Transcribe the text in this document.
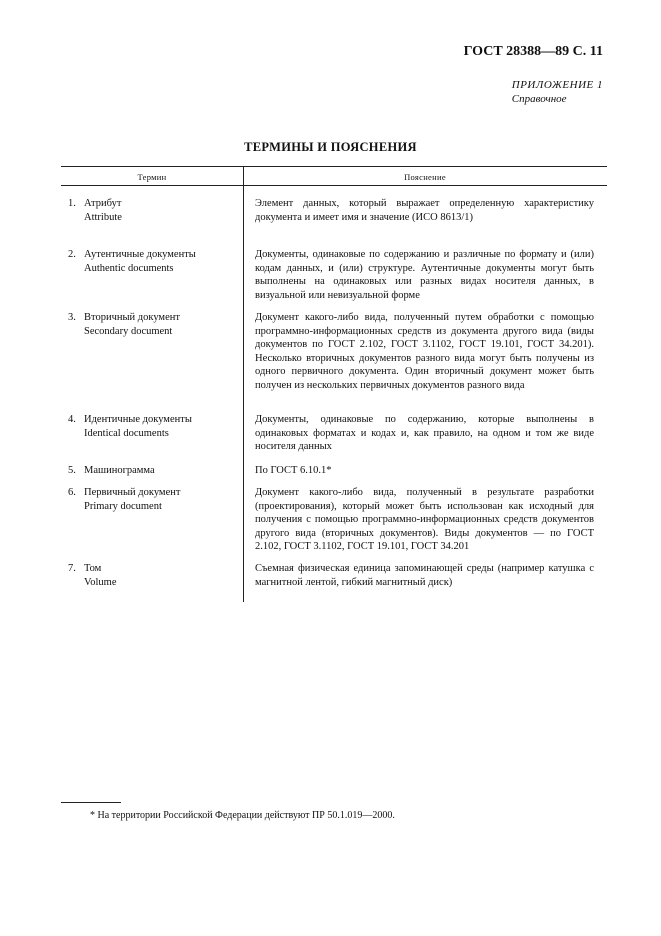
ГОСТ 28388—89 С. 11
ПРИЛОЖЕНИЕ 1
Справочное
ТЕРМИНЫ И ПОЯСНЕНИЯ
Термин	Пояснение
1. Атрибут
Attribute
Элемент данных, который выражает определенную характеристику документа и имеет имя и значение (ИСО 8613/1)
2. Аутентичные документы
Authentic documents
Документы, одинаковые по содержанию и различные по формату и (или) кодам данных, и (или) структуре. Аутентичные документы могут быть выполнены на одинаковых или разных видах носителя данных, в визуальной или невизуальной форме
3. Вторичный документ
Secondary document
Документ какого-либо вида, полученный путем обработки с помощью программно-информационных средств из документа другого вида (виды документов по ГОСТ 2.102, ГОСТ 3.1102, ГОСТ 19.101, ГОСТ 34.201). Несколько вторичных документов разного вида могут быть получены из одного первичного документа. Один вторичный документ может быть получен из нескольких первичных документов разного вида
4. Идентичные документы
Identical documents
Документы, одинаковые по содержанию, которые выполнены в одинаковых форматах и кодах и, как правило, на одном и том же виде носителя данных
5. Машинограмма	По ГОСТ 6.10.1*
6. Первичный документ
Primary document
Документ какого-либо вида, полученный в результате разработки (проектирования), который может быть использован как исходный для получения с помощью программно-информационных средств документов другого вида (вторичных документов). Виды документов — по ГОСТ 2.102, ГОСТ 3.1102, ГОСТ 19.101, ГОСТ 34.201
7. Том
Volume
Съемная физическая единица запоминающей среды (например катушка с магнитной лентой, гибкий магнитный диск)
* На территории Российской Федерации действуют ПР 50.1.019—2000.
